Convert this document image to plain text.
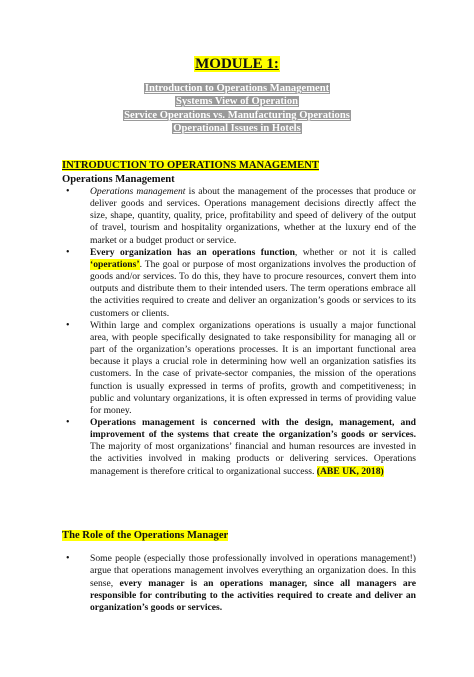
MODULE 1:
Introduction to Operations Management
Systems View of Operation
Service Operations vs. Manufacturing Operations
Operational Issues in Hotels
INTRODUCTION TO OPERATIONS MANAGEMENT
Operations Management
• Operations management is about the management of the processes that produce or deliver goods and services. Operations management decisions directly affect the size, shape, quantity, quality, price, profitability and speed of delivery of the output of travel, tourism and hospitality organizations, whether at the luxury end of the market or a budget product or service.

• Every organization has an operations function, whether or not it is called ‘operations’. The goal or purpose of most organizations involves the production of goods and/or services. To do this, they have to procure resources, convert them into outputs and distribute them to their intended users. The term operations embrace all the activities required to create and deliver an organization’s goods or services to its customers or clients.

• Within large and complex organizations operations is usually a major functional area, with people specifically designated to take responsibility for managing all or part of the organization’s operations processes. It is an important functional area because it plays a crucial role in determining how well an organization satisfies its customers. In the case of private-sector companies, the mission of the operations function is usually expressed in terms of profits, growth and competitiveness; in public and voluntary organizations, it is often expressed in terms of providing value for money.

• Operations management is concerned with the design, management, and improvement of the systems that create the organization’s goods or services. The majority of most organizations’ financial and human resources are invested in the activities involved in making products or delivering services. Operations management is therefore critical to organizational success. (ABE UK, 2018)

The Role of the Operations Manager
• Some people (especially those professionally involved in operations management!) argue that operations management involves everything an organization does. In this sense, every manager is an operations manager, since all managers are responsible for contributing to the activities required to create and deliver an organization’s goods or services.
